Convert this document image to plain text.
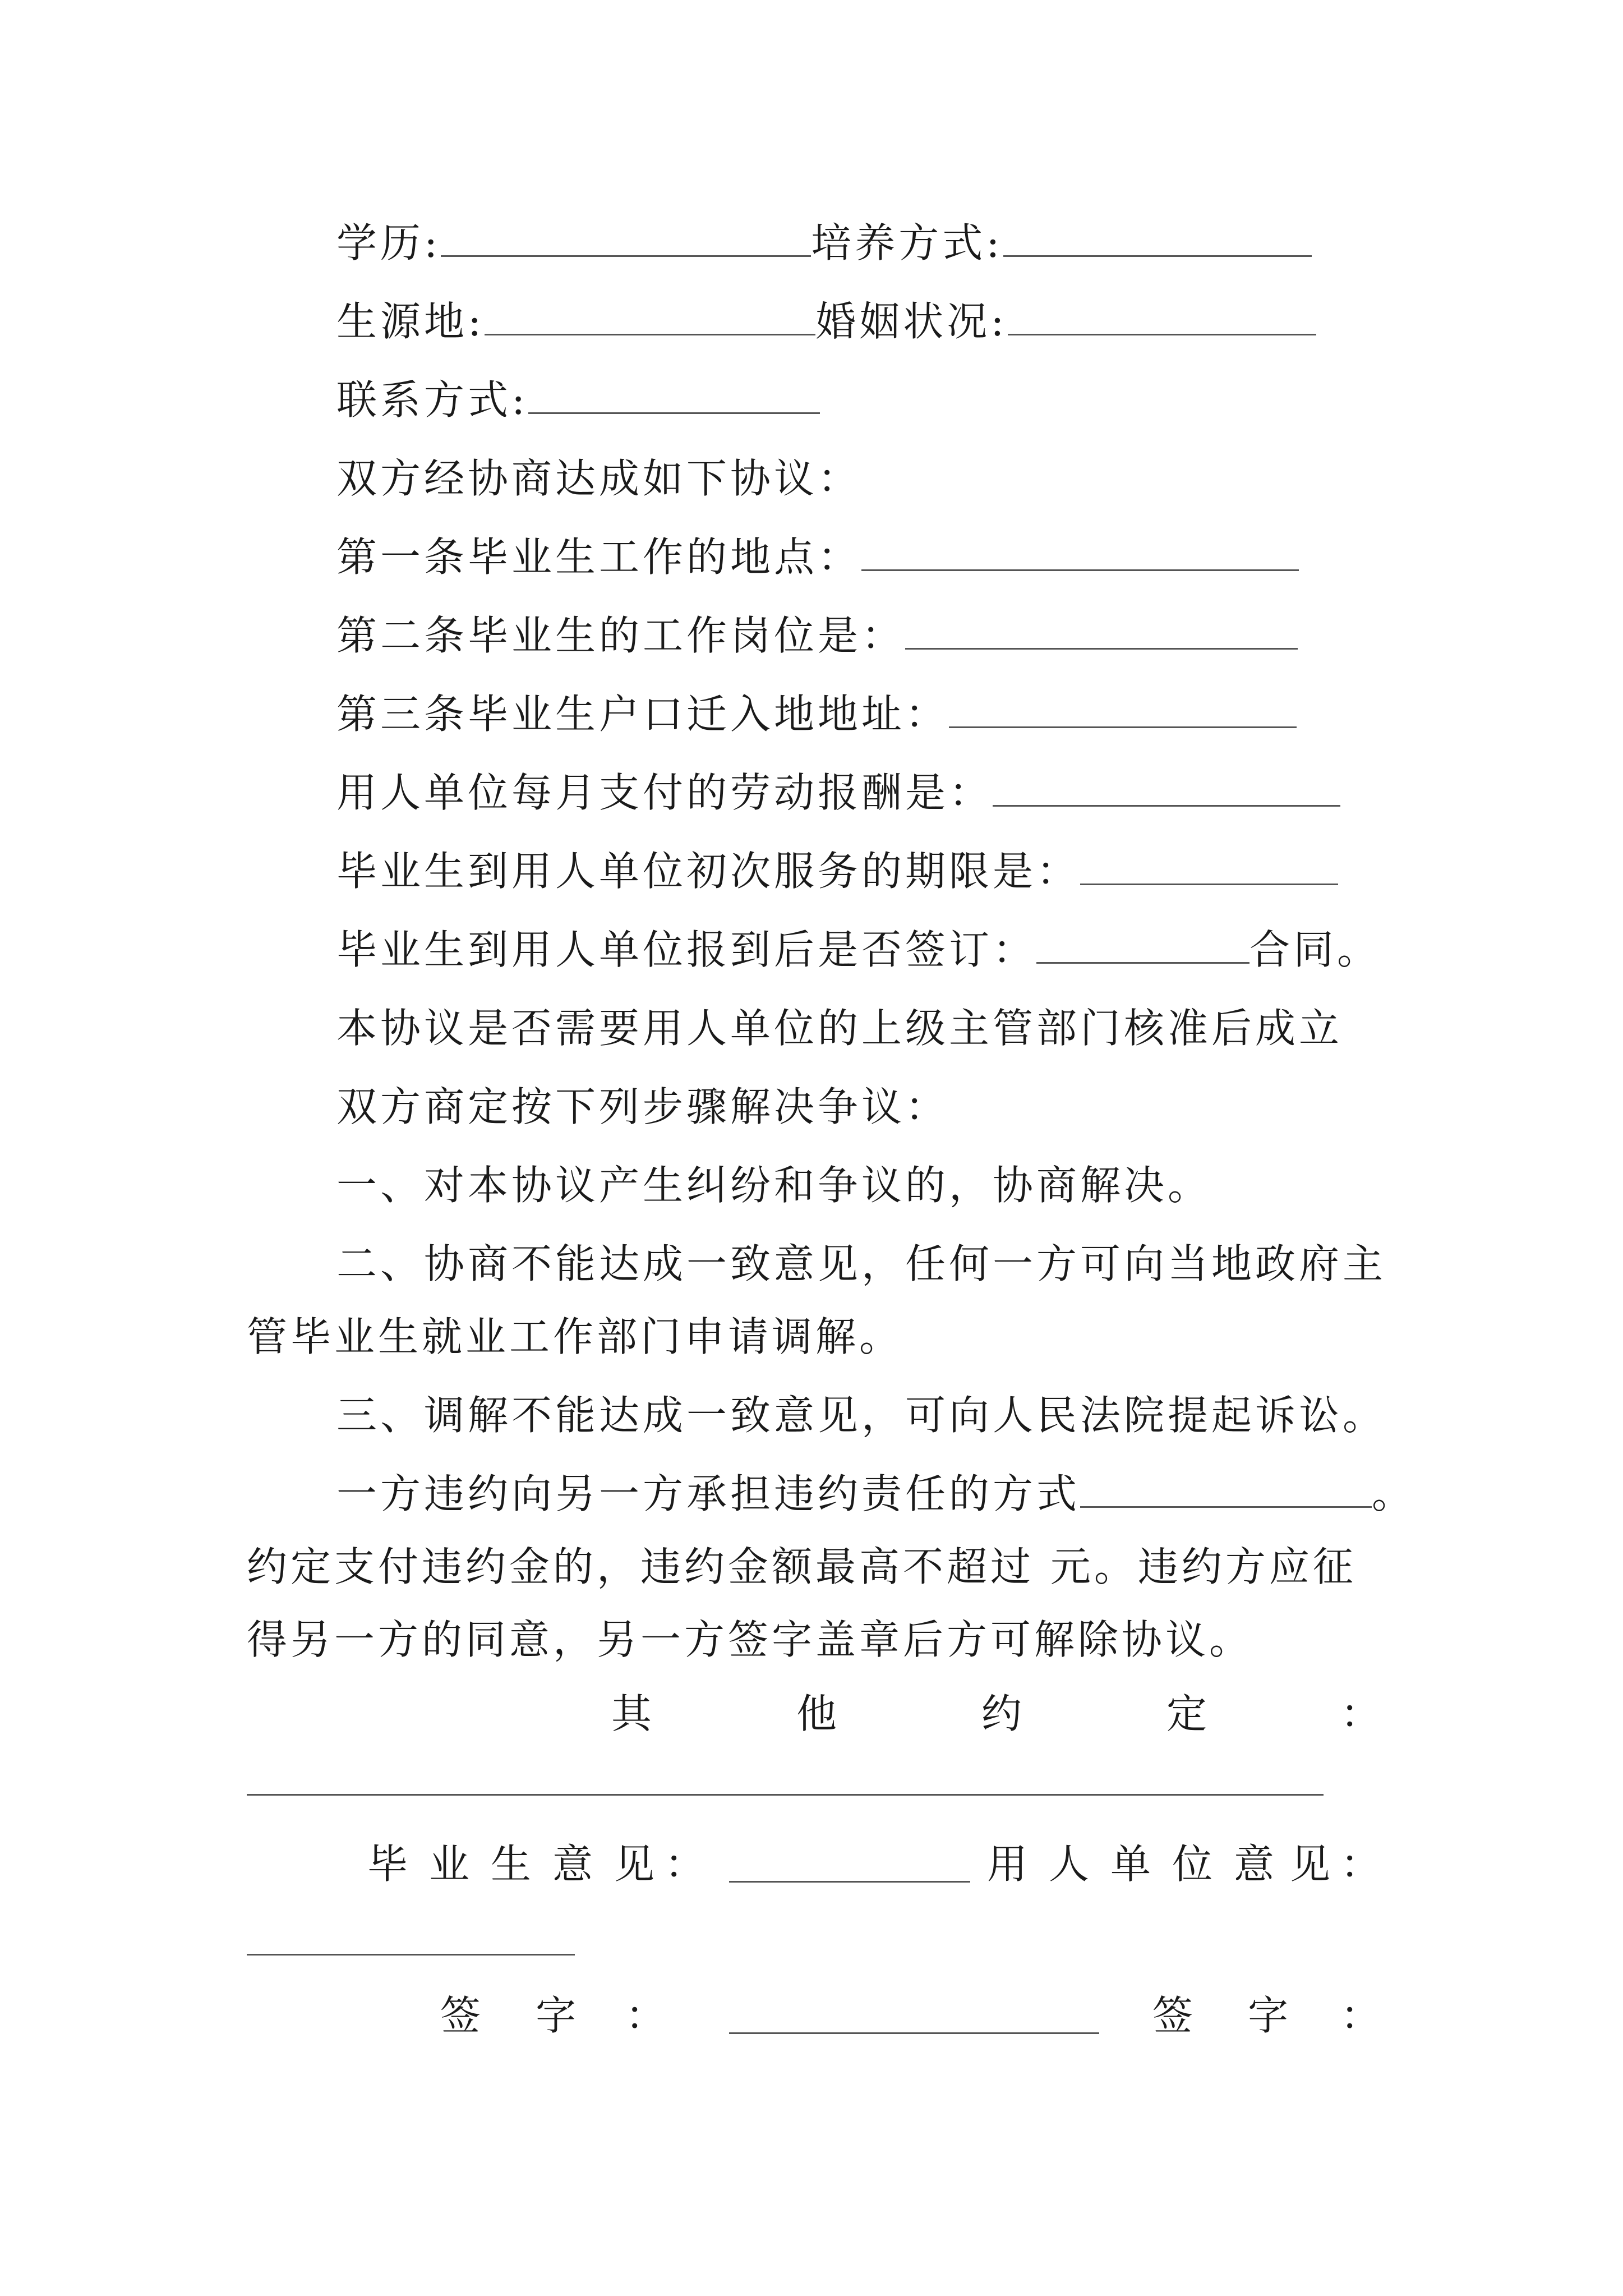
学历:	培养方式:
生源地:	婚姻状况:
联系方式:
双方经协商达成如下协议：
第一条毕业生工作的地点：
第二条毕业生的工作岗位是：
第三条毕业生户口迁入地地址：
用人单位每月支付的劳动报酬是：
毕业生到用人单位初次服务的期限是：
毕业生到用人单位报到后是否签订：	合同。
本协议是否需要用人单位的上级主管部门核准后成立
双方商定按下列步骤解决争议：
一、对本协议产生纠纷和争议的，协商解决。
二、协商不能达成一致意见，任何一方可向当地政府主
管毕业生就业工作部门申请调解。
三、调解不能达成一致意见，可向人民法院提起诉讼。
一方违约向另一方承担违约责任的方式	。
约定支付违约金的，违约金额最高不超过 元。违约方应征
得另一方的同意，另一方签字盖章后方可解除协议。
其	他	约	定	：
毕 业 生 意 见 ：	用 人 单 位 意 见 ：
签 字 ：	签 字 ：
